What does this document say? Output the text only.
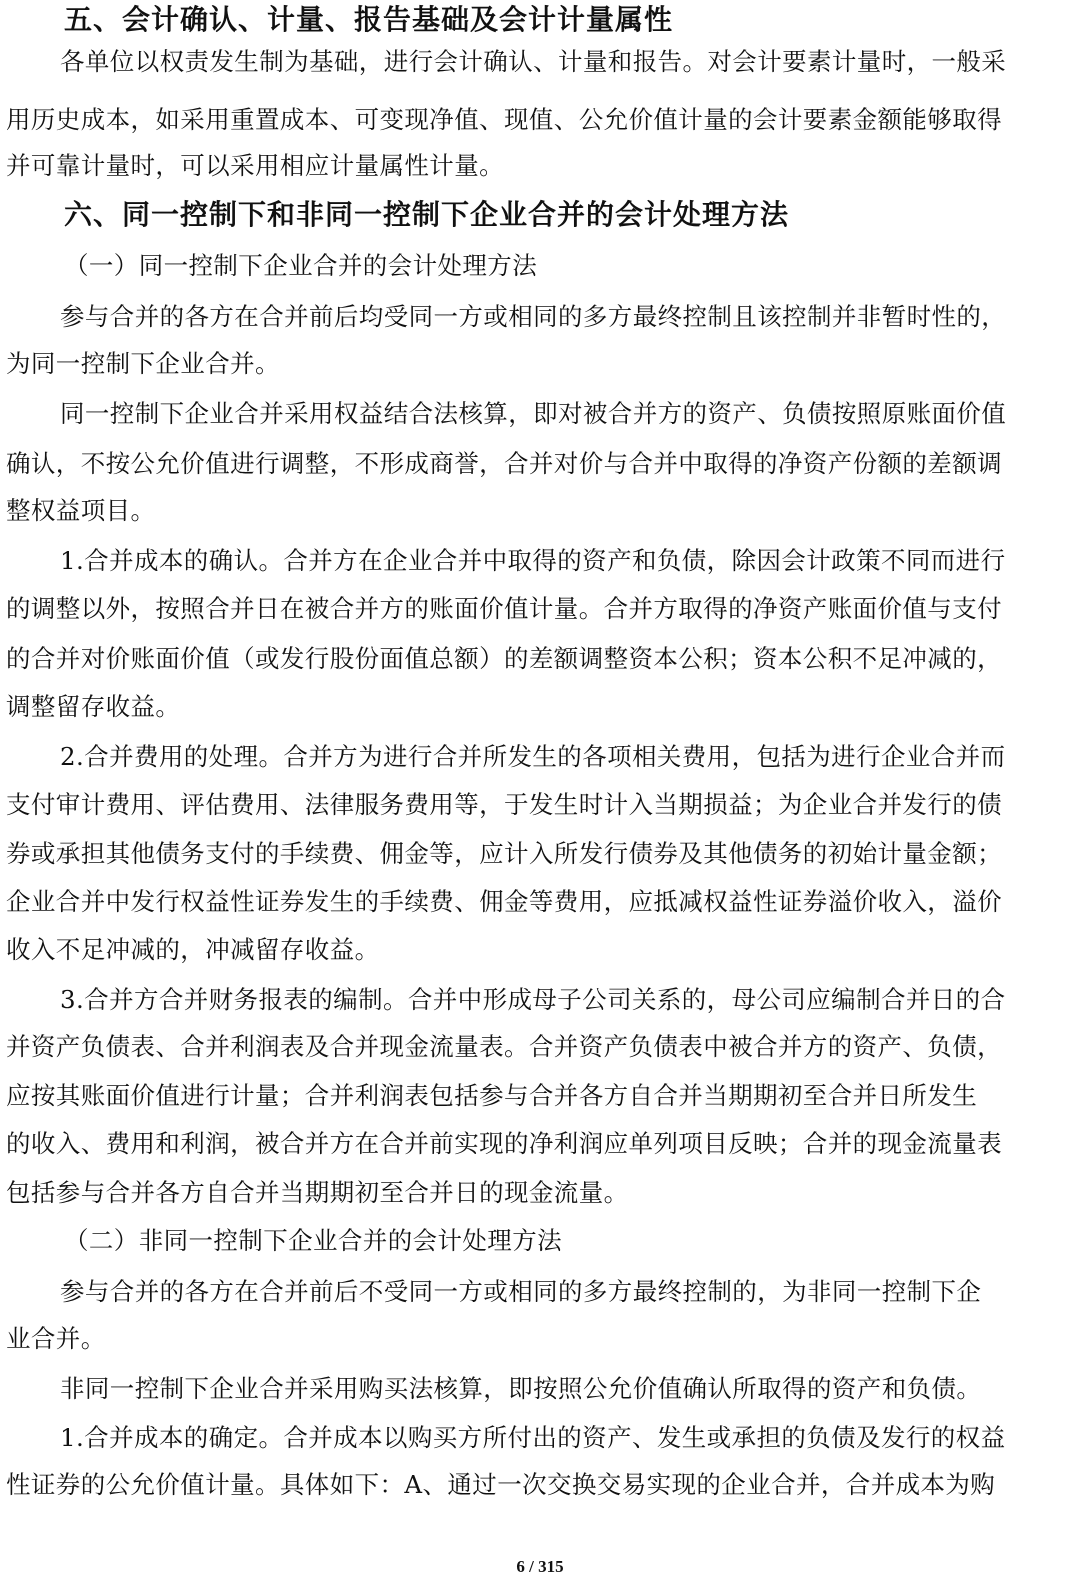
五、会计确认、计量、报告基础及会计计量属性
各单位以权责发生制为基础，进行会计确认、计量和报告。对会计要素计量时，一般采
用历史成本，如采用重置成本、可变现净值、现值、公允价值计量的会计要素金额能够取得
并可靠计量时，可以采用相应计量属性计量。
六、同一控制下和非同一控制下企业合并的会计处理方法
（一）同一控制下企业合并的会计处理方法
参与合并的各方在合并前后均受同一方或相同的多方最终控制且该控制并非暂时性的，
为同一控制下企业合并。
同一控制下企业合并采用权益结合法核算，即对被合并方的资产、负债按照原账面价值
确认，不按公允价值进行调整，不形成商誉，合并对价与合并中取得的净资产份额的差额调
整权益项目。
1.合并成本的确认。合并方在企业合并中取得的资产和负债，除因会计政策不同而进行
的调整以外，按照合并日在被合并方的账面价值计量。合并方取得的净资产账面价值与支付
的合并对价账面价值（或发行股份面值总额）的差额调整资本公积；资本公积不足冲减的，
调整留存收益。
2.合并费用的处理。合并方为进行合并所发生的各项相关费用，包括为进行企业合并而
支付审计费用、评估费用、法律服务费用等，于发生时计入当期损益；为企业合并发行的债
券或承担其他债务支付的手续费、佣金等，应计入所发行债券及其他债务的初始计量金额；
企业合并中发行权益性证券发生的手续费、佣金等费用，应抵减权益性证券溢价收入，溢价
收入不足冲减的，冲减留存收益。
3.合并方合并财务报表的编制。合并中形成母子公司关系的，母公司应编制合并日的合
并资产负债表、合并利润表及合并现金流量表。合并资产负债表中被合并方的资产、负债，
应按其账面价值进行计量；合并利润表包括参与合并各方自合并当期期初至合并日所发生
的收入、费用和利润，被合并方在合并前实现的净利润应单列项目反映；合并的现金流量表
包括参与合并各方自合并当期期初至合并日的现金流量。
（二）非同一控制下企业合并的会计处理方法
参与合并的各方在合并前后不受同一方或相同的多方最终控制的，为非同一控制下企
业合并。
非同一控制下企业合并采用购买法核算，即按照公允价值确认所取得的资产和负债。
1.合并成本的确定。合并成本以购买方所付出的资产、发生或承担的负债及发行的权益
性证券的公允价值计量。具体如下：A、通过一次交换交易实现的企业合并，合并成本为购
6 / 315
